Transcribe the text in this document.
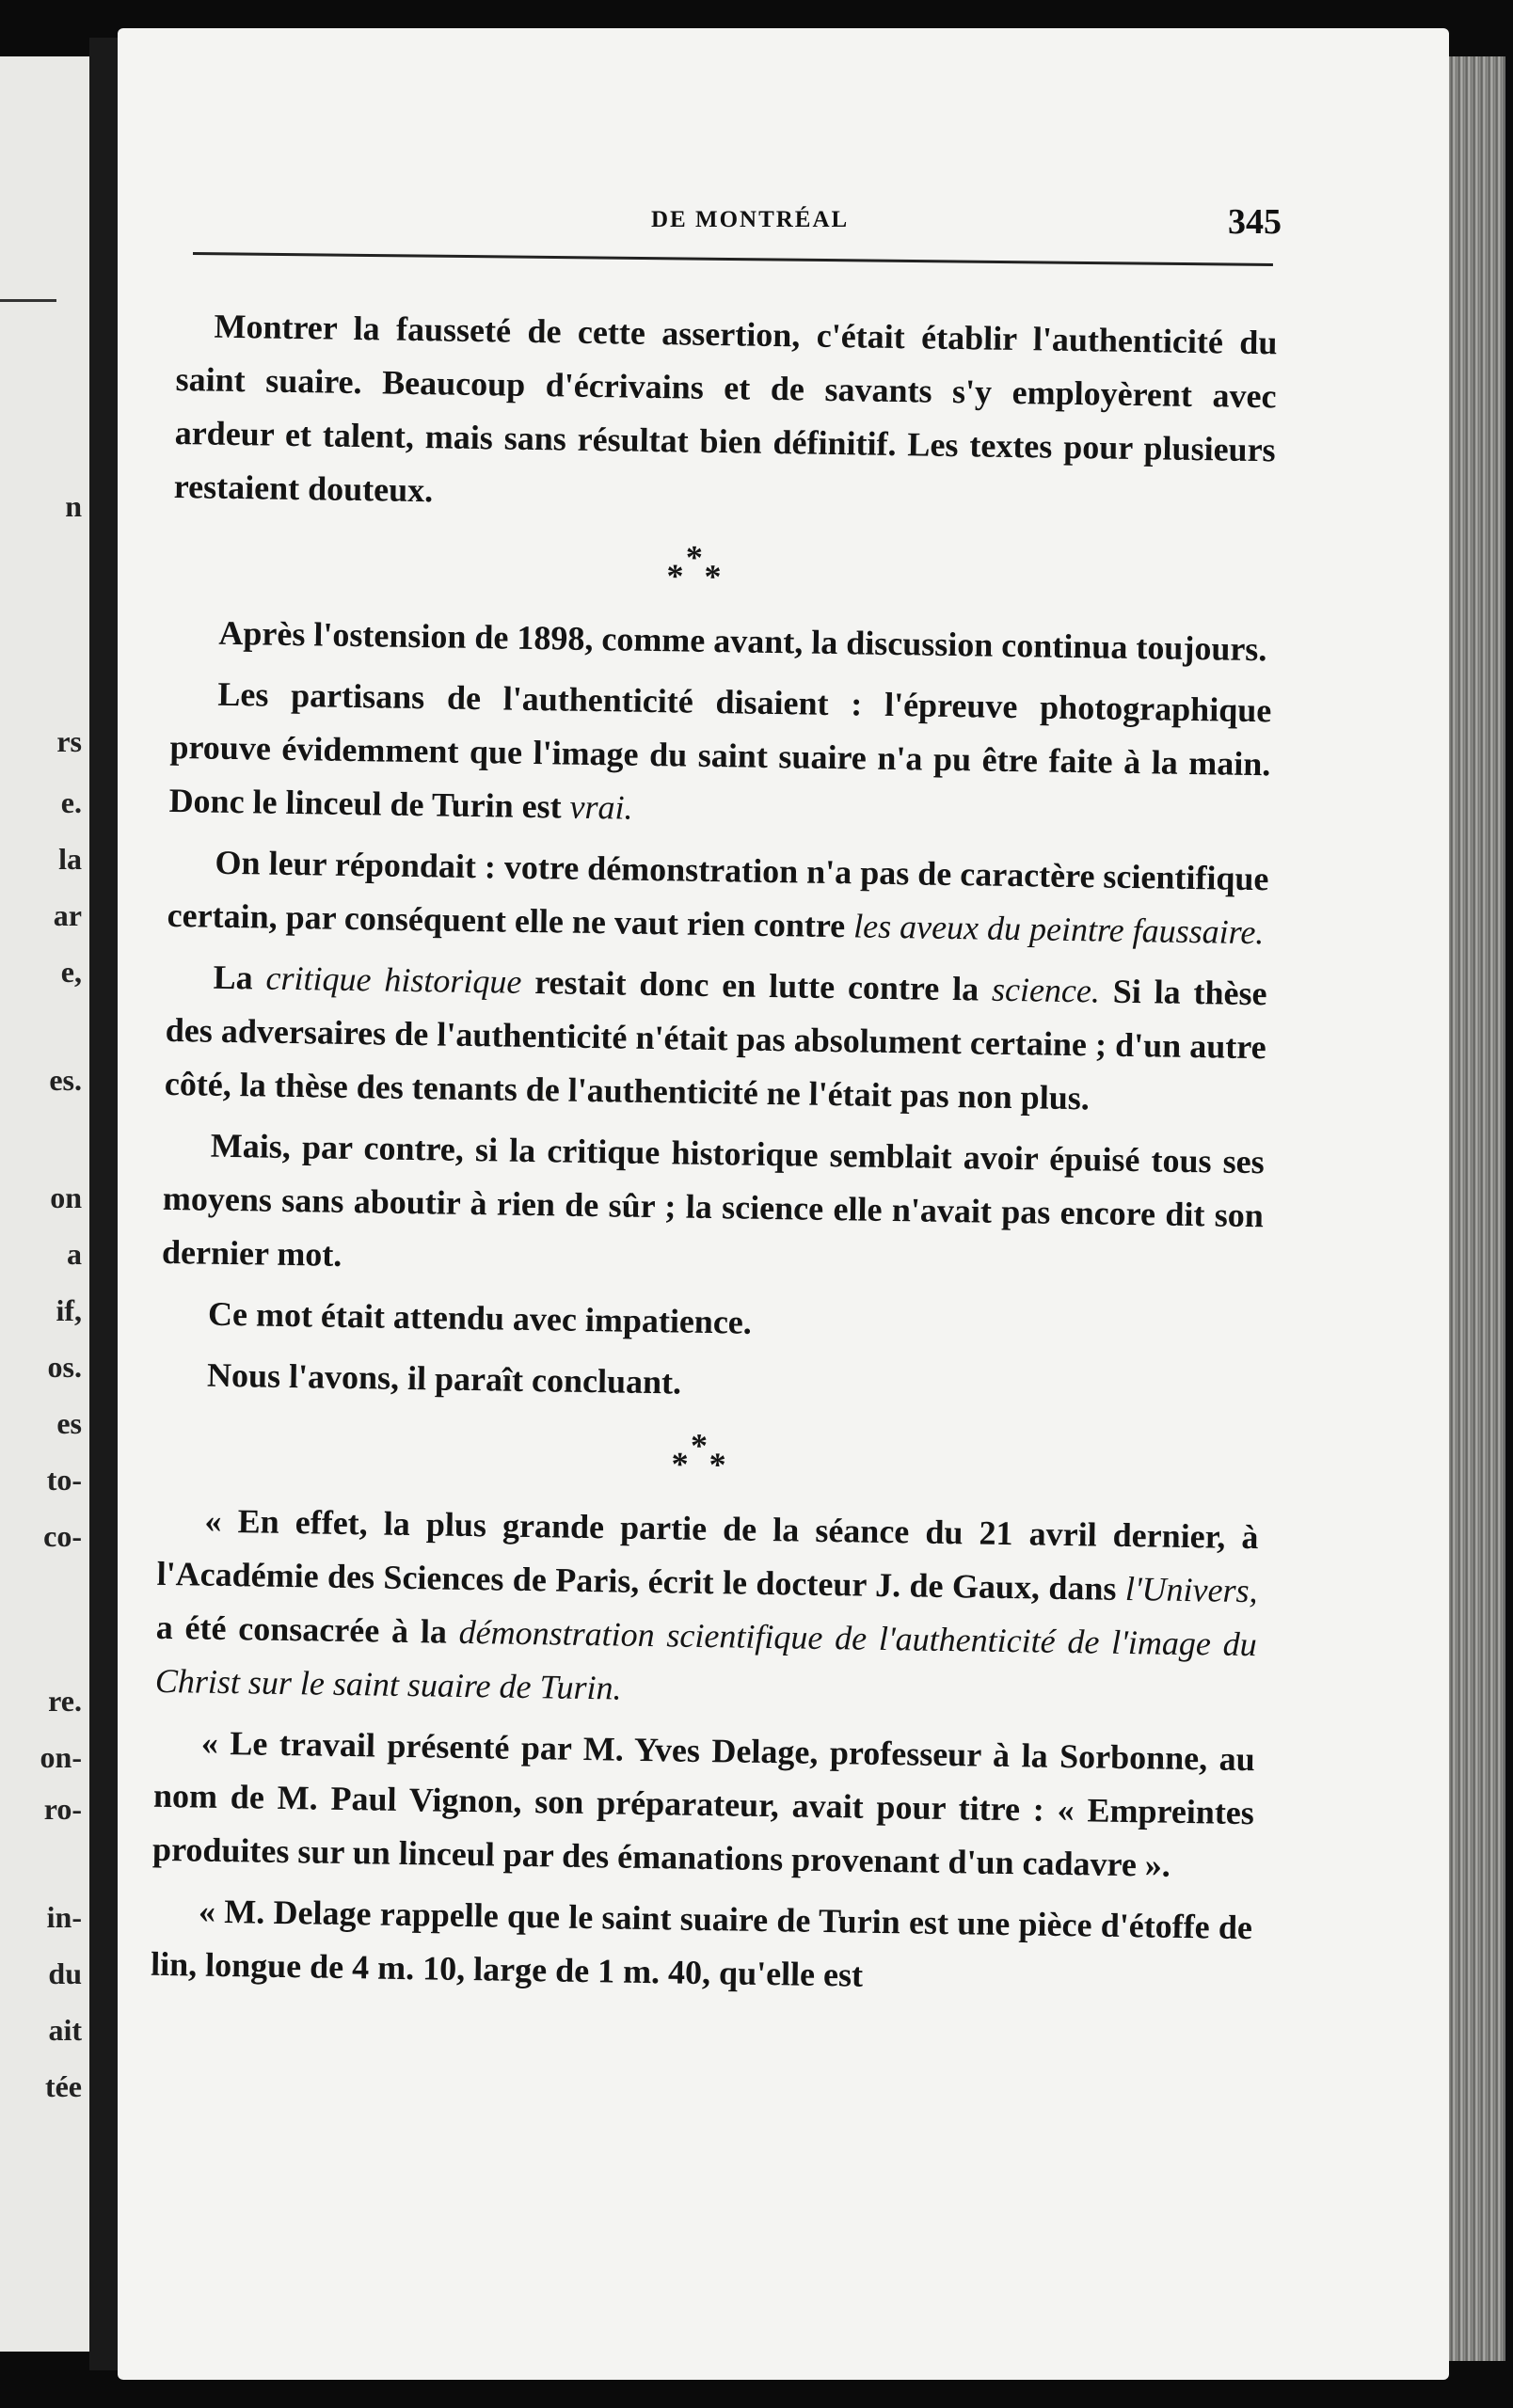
n
rs
e.
la
ar
e,
es.
on
a
if,
os.
es
to-
co-
re.
on-
ro-
in-
du
ait
tée
DE MONTRÉAL	345

Montrer la fausseté de cette assertion, c'était établir l'authenticité du saint suaire. Beaucoup d'écrivains et de savants s'y employèrent avec ardeur et talent, mais sans résultat bien définitif. Les textes pour plusieurs restaient douteux.

*
* *

Après l'ostension de 1898, comme avant, la discussion continua toujours.

Les partisans de l'authenticité disaient : l'épreuve photographique prouve évidemment que l'image du saint suaire n'a pu être faite à la main. Donc le linceul de Turin est vrai.

On leur répondait : votre démonstration n'a pas de caractère scientifique certain, par conséquent elle ne vaut rien contre les aveux du peintre faussaire.

La critique historique restait donc en lutte contre la science. Si la thèse des adversaires de l'authenticité n'était pas absolument certaine ; d'un autre côté, la thèse des tenants de l'authenticité ne l'était pas non plus.

Mais, par contre, si la critique historique semblait avoir épuisé tous ses moyens sans aboutir à rien de sûr ; la science elle n'avait pas encore dit son dernier mot.

Ce mot était attendu avec impatience.

Nous l'avons, il paraît concluant.

*
* *

« En effet, la plus grande partie de la séance du 21 avril dernier, à l'Académie des Sciences de Paris, écrit le docteur J. de Gaux, dans l'Univers, a été consacrée à la démonstration scientifique de l'authenticité de l'image du Christ sur le saint suaire de Turin.

« Le travail présenté par M. Yves Delage, professeur à la Sorbonne, au nom de M. Paul Vignon, son préparateur, avait pour titre : « Empreintes produites sur un linceul par des émanations provenant d'un cadavre ».

« M. Delage rappelle que le saint suaire de Turin est une pièce d'étoffe de lin, longue de 4 m. 10, large de 1 m. 40, qu'elle est
